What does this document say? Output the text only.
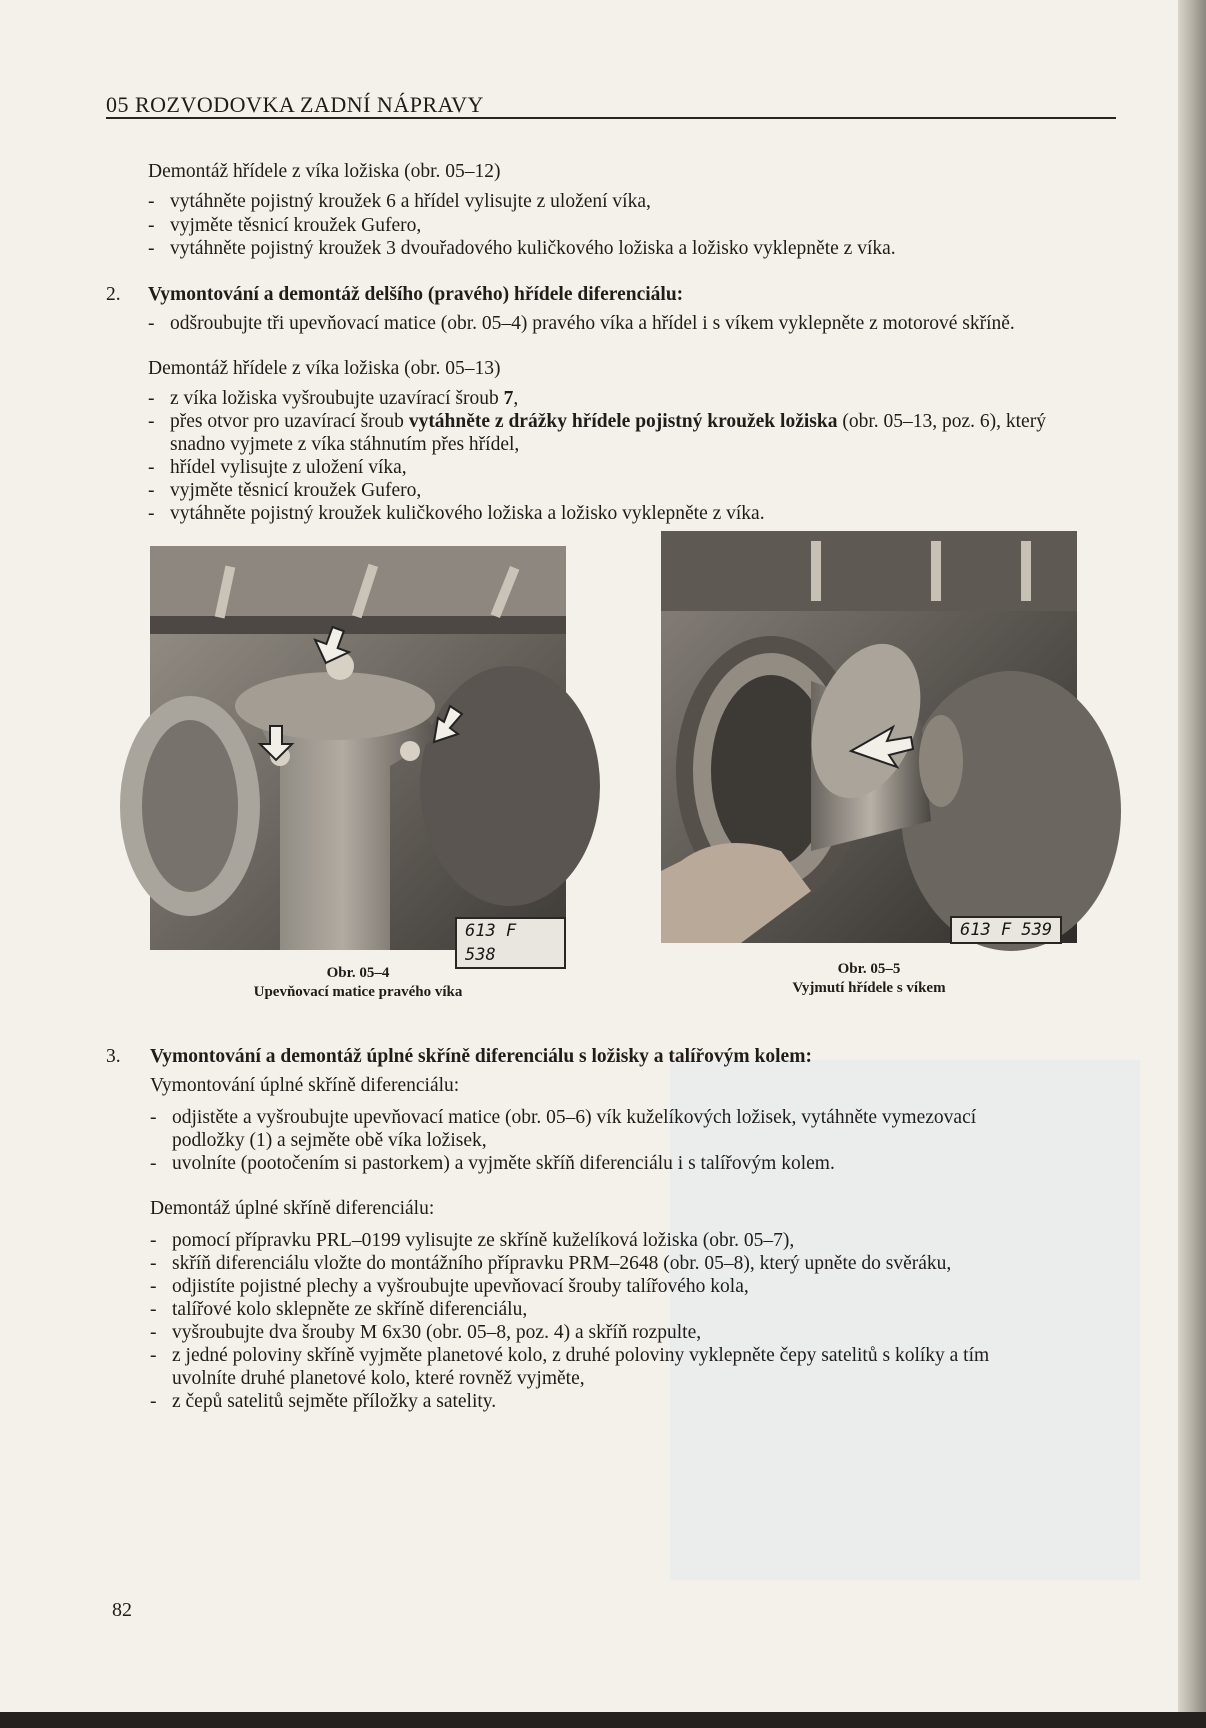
05 ROZVODOVKA ZADNÍ NÁPRAVY
Demontáž hřídele z víka ložiska (obr. 05–12)
- vytáhněte pojistný kroužek 6 a hřídel vylisujte z uložení víka,
- vyjměte těsnicí kroužek Gufero,
- vytáhněte pojistný kroužek 3 dvouřadového kuličkového ložiska a ložisko vyklepněte z víka.
2. Vymontování a demontáž delšího (pravého) hřídele diferenciálu:
- odšroubujte tři upevňovací matice (obr. 05–4) pravého víka a hřídel i s víkem vyklepněte z motorové skříně.
Demontáž hřídele z víka ložiska (obr. 05–13)
- z víka ložiska vyšroubujte uzavírací šroub 7,
- přes otvor pro uzavírací šroub vytáhněte z drážky hřídele pojistný kroužek ložiska (obr. 05–13, poz. 6), který
snadno vyjmete z víka stáhnutím přes hřídel,
- hřídel vylisujte z uložení víka,
- vyjměte těsnicí kroužek Gufero,
- vytáhněte pojistný kroužek kuličkového ložiska a ložisko vyklepněte z víka.
613 F 538
Obr. 05–4
Upevňovací matice pravého víka
613 F 539
Obr. 05–5
Vyjmutí hřídele s víkem
3. Vymontování a demontáž úplné skříně diferenciálu s ložisky a talířovým kolem:
Vymontování úplné skříně diferenciálu:
- odjistěte a vyšroubujte upevňovací matice (obr. 05–6) vík kuželíkových ložisek, vytáhněte vymezovací
podložky (1) a sejměte obě víka ložisek,
- uvolníte (pootočením si pastorkem) a vyjměte skříň diferenciálu i s talířovým kolem.
Demontáž úplné skříně diferenciálu:
- pomocí přípravku PRL–0199 vylisujte ze skříně kuželíková ložiska (obr. 05–7),
- skříň diferenciálu vložte do montážního přípravku PRM–2648 (obr. 05–8), který upněte do svěráku,
- odjistíte pojistné plechy a vyšroubujte upevňovací šrouby talířového kola,
- talířové kolo sklepněte ze skříně diferenciálu,
- vyšroubujte dva šrouby M 6x30 (obr. 05–8, poz. 4) a skříň rozpulte,
- z jedné poloviny skříně vyjměte planetové kolo, z druhé poloviny vyklepněte čepy satelitů s kolíky a tím
uvolníte druhé planetové kolo, které rovněž vyjměte,
- z čepů satelitů sejměte příložky a satelity.
82
